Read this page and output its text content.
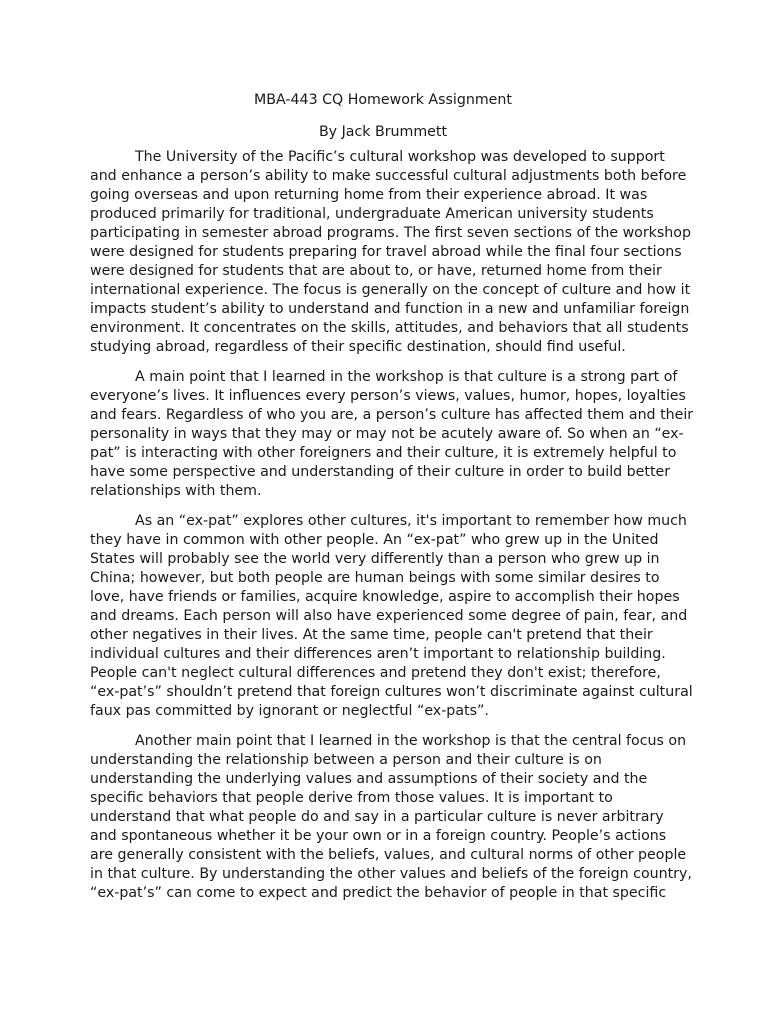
MBA-443 CQ Homework Assignment
By Jack Brummett
The University of the Pacific’s cultural workshop was developed to support
and enhance a person’s ability to make successful cultural adjustments both before
going overseas and upon returning home from their experience abroad. It was
produced primarily for traditional, undergraduate American university students
participating in semester abroad programs. The first seven sections of the workshop
were designed for students preparing for travel abroad while the final four sections
were designed for students that are about to, or have, returned home from their
international experience. The focus is generally on the concept of culture and how it
impacts student’s ability to understand and function in a new and unfamiliar foreign
environment. It concentrates on the skills, attitudes, and behaviors that all students
studying abroad, regardless of their specific destination, should find useful.
A main point that I learned in the workshop is that culture is a strong part of
everyone’s lives. It influences every person’s views, values, humor, hopes, loyalties
and fears. Regardless of who you are, a person’s culture has affected them and their
personality in ways that they may or may not be acutely aware of. So when an “ex-
pat” is interacting with other foreigners and their culture, it is extremely helpful to
have some perspective and understanding of their culture in order to build better
relationships with them.
As an “ex-pat” explores other cultures, it's important to remember how much
they have in common with other people. An “ex-pat” who grew up in the United
States will probably see the world very differently than a person who grew up in
China; however, but both people are human beings with some similar desires to
love, have friends or families, acquire knowledge, aspire to accomplish their hopes
and dreams. Each person will also have experienced some degree of pain, fear, and
other negatives in their lives. At the same time, people can't pretend that their
individual cultures and their differences aren’t important to relationship building.
People can't neglect cultural differences and pretend they don't exist; therefore,
“ex-pat’s” shouldn’t pretend that foreign cultures won’t discriminate against cultural
faux pas committed by ignorant or neglectful “ex-pats”.
Another main point that I learned in the workshop is that the central focus on
understanding the relationship between a person and their culture is on
understanding the underlying values and assumptions of their society and the
specific behaviors that people derive from those values. It is important to
understand that what people do and say in a particular culture is never arbitrary
and spontaneous whether it be your own or in a foreign country. People’s actions
are generally consistent with the beliefs, values, and cultural norms of other people
in that culture. By understanding the other values and beliefs of the foreign country,
“ex-pat’s” can come to expect and predict the behavior of people in that specific
